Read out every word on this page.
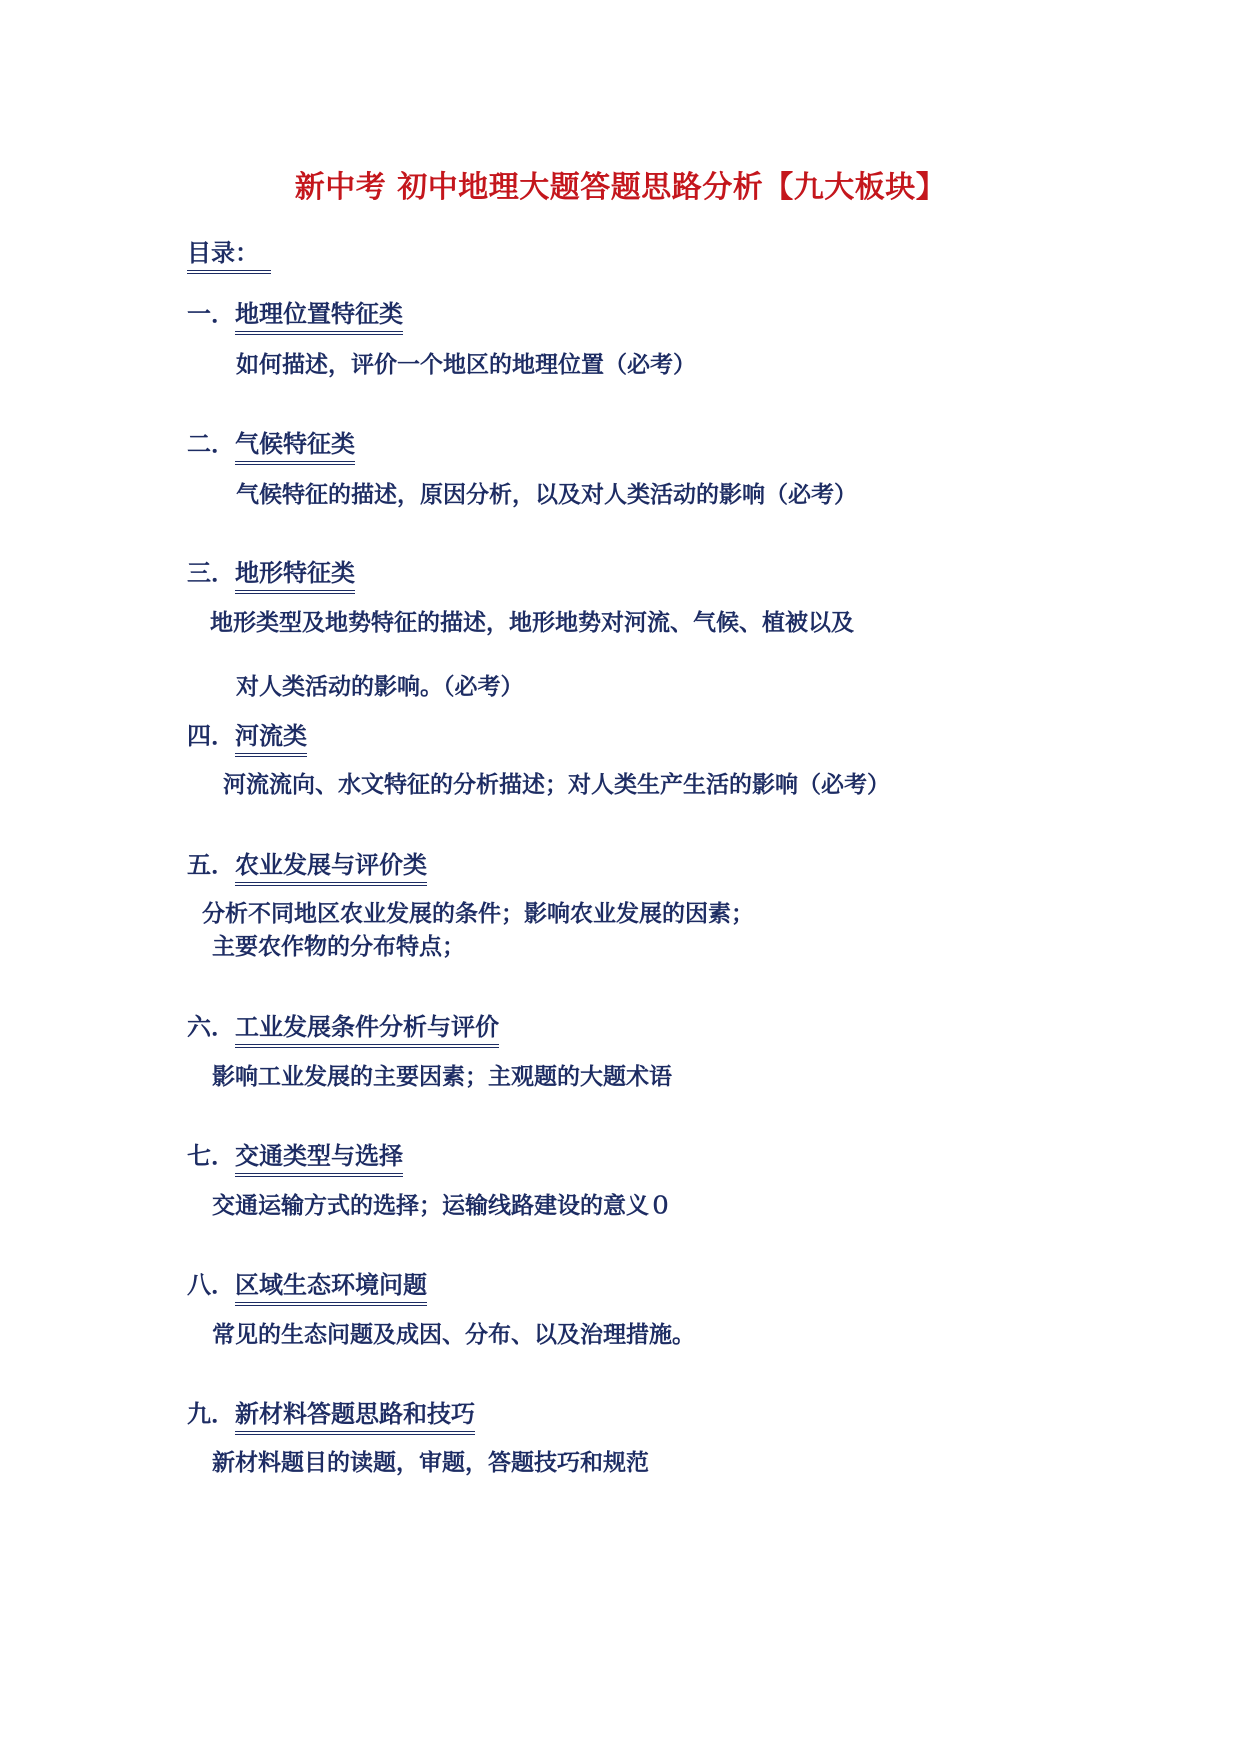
新中考 初中地理大题答题思路分析【九大板块】
目录：
一．地理位置特征类
如何描述，评价一个地区的地理位置（必考）
二．气候特征类
气候特征的描述，原因分析，以及对人类活动的影响（必考）
三．地形特征类
地形类型及地势特征的描述，地形地势对河流、气候、植被以及
对人类活动的影响。（必考）
四．河流类
河流流向、水文特征的分析描述；对人类生产生活的影响（必考）
五．农业发展与评价类
分析不同地区农业发展的条件；影响农业发展的因素；
主要农作物的分布特点；
六．工业发展条件分析与评价
影响工业发展的主要因素；主观题的大题术语
七．交通类型与选择
交通运输方式的选择；运输线路建设的意义０
八．区域生态环境问题
常见的生态问题及成因、分布、以及治理措施。
九．新材料答题思路和技巧
新材料题目的读题，审题，答题技巧和规范
